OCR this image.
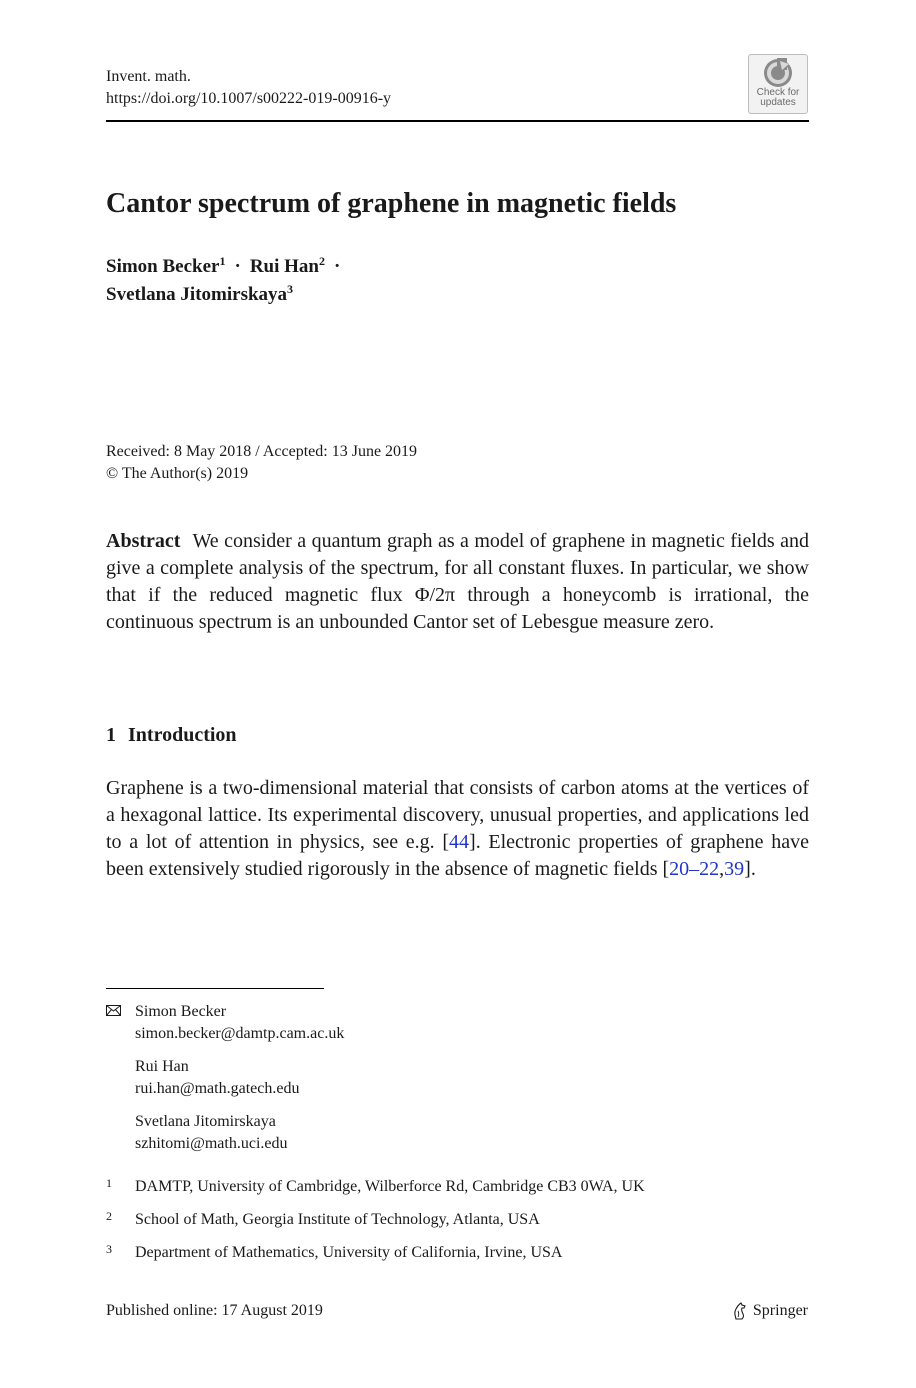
Invent. math.
https://doi.org/10.1007/s00222-019-00916-y	Check for
updates
Cantor spectrum of graphene in magnetic fields
Simon Becker$^1$ · Rui Han$^2$ ·
Svetlana Jitomirskaya$^3$
Received: 8 May 2018 / Accepted: 13 June 2019
© The Author(s) 2019
Abstract We consider a quantum graph as a model of graphene in magnetic fields and give a complete analysis of the spectrum, for all constant fluxes. In particular, we show that if the reduced magnetic flux Φ/2π through a honeycomb is irrational, the continuous spectrum is an unbounded Cantor set of Lebesgue measure zero.
1 Introduction
Graphene is a two-dimensional material that consists of carbon atoms at the vertices of a hexagonal lattice. Its experimental discovery, unusual properties, and applications led to a lot of attention in physics, see e.g. [44]. Electronic properties of graphene have been extensively studied rigorously in the absence of magnetic fields [20–22,39].
Simon Becker
simon.becker@damtp.cam.ac.uk
Rui Han
rui.han@math.gatech.edu
Svetlana Jitomirskaya
szhitomi@math.uci.edu
1 DAMTP, University of Cambridge, Wilberforce Rd, Cambridge CB3 0WA, UK
2 School of Math, Georgia Institute of Technology, Atlanta, USA
3 Department of Mathematics, University of California, Irvine, USA
Published online: 17 August 2019	Springer
